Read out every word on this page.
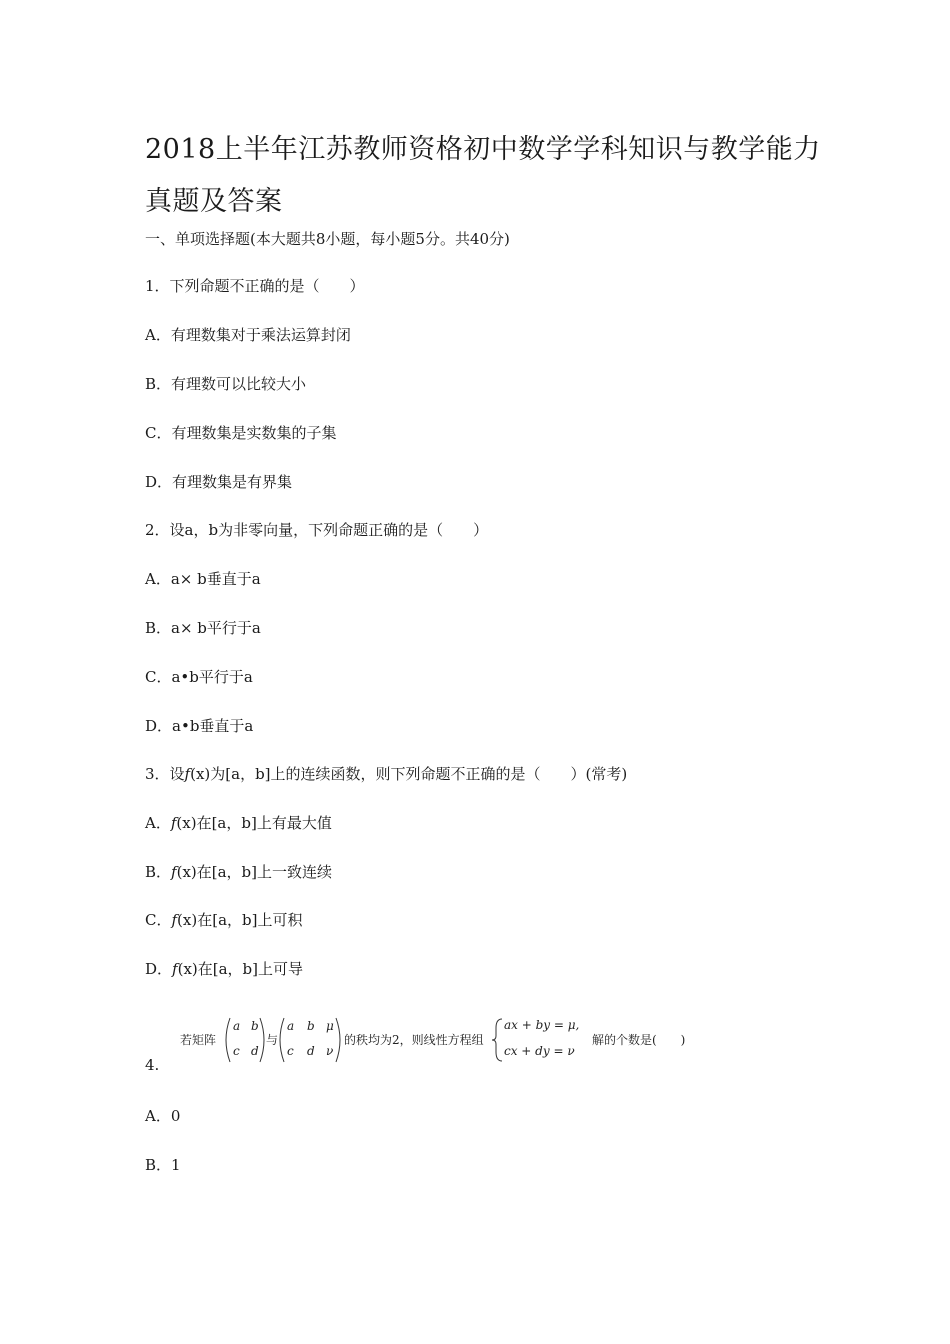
2018上半年江苏教师资格初中数学学科知识与教学能力真题及答案
一、单项选择题(本大题共8小题，每小题5分。共40分)
1．下列命题不正确的是（　　）
A．有理数集对于乘法运算封闭
B．有理数可以比较大小
C．有理数集是实数集的子集
D．有理数集是有界集
2．设a，b为非零向量，下列命题正确的是（　　）
A．a× b垂直于a
B．a× b平行于a
C．a•b平行于a
D．a•b垂直于a
3．设f(x)为[a，b]上的连续函数，则下列命题不正确的是（　　）(常考)
A．f(x)在[a，b]上有最大值
B．f(x)在[a，b]上一致连续
C．f(x)在[a，b]上可积
D．f(x)在[a，b]上可导
若矩阵
a b
c d
与
a b μ
c d ν
的秩均为2，则线性方程组
ax + by = μ,
cx + dy = ν
解的个数是(　　)
4.
A．0
B．1
